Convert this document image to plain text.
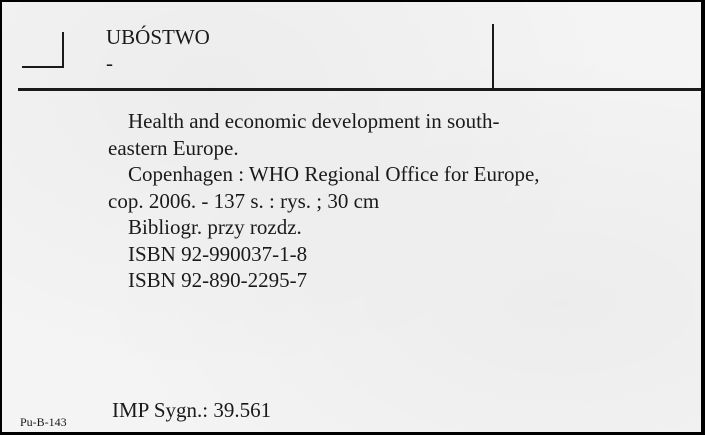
UBÓSTWO
-

Health and economic development in south-

eastern Europe.

Copenhagen : WHO Regional Office for Europe,

cop. 2006. - 137 s. : rys. ; 30 cm

Bibliogr. przy rozdz.

ISBN 92-990037-1-8

ISBN 92-890-2295-7

IMP Sygn.: 39.561
Pu-B-143
